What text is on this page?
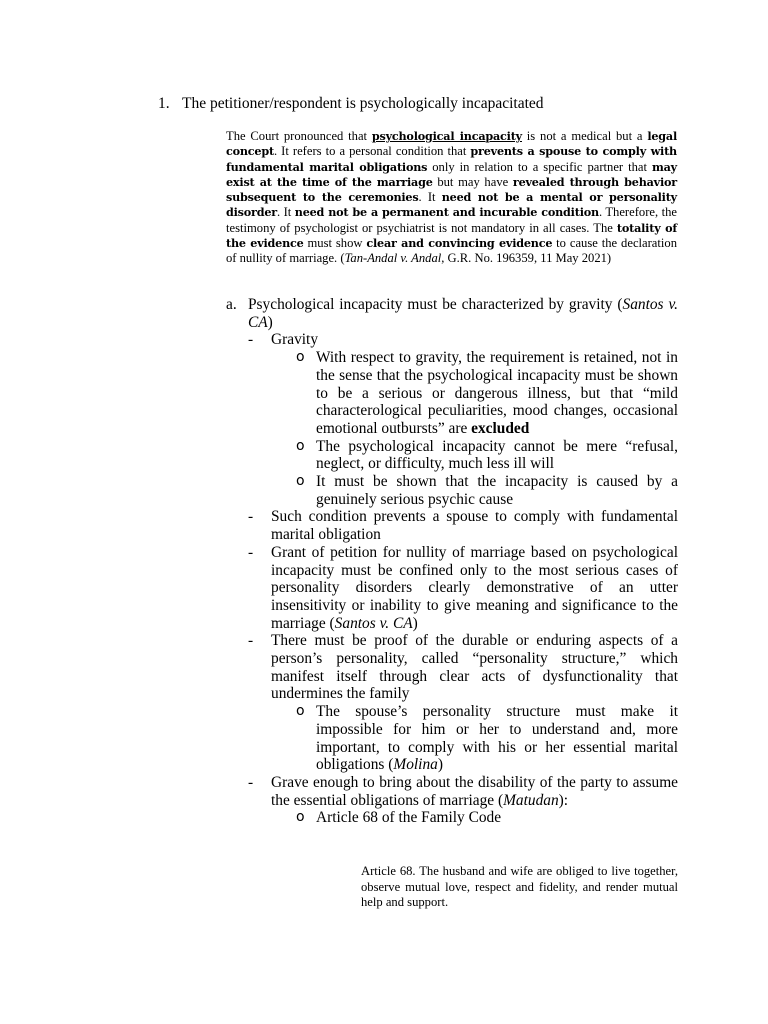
1. The petitioner/respondent is psychologically incapacitated
The Court pronounced that psychological incapacity is not a medical but a legal concept. It refers to a personal condition that prevents a spouse to comply with fundamental marital obligations only in relation to a specific partner that may exist at the time of the marriage but may have revealed through behavior subsequent to the ceremonies. It need not be a mental or personality disorder. It need not be a permanent and incurable condition. Therefore, the testimony of psychologist or psychiatrist is not mandatory in all cases. The totality of the evidence must show clear and convincing evidence to cause the declaration of nullity of marriage. (Tan-Andal v. Andal, G.R. No. 196359, 11 May 2021)
a. Psychological incapacity must be characterized by gravity (Santos v. CA)
- Gravity
o With respect to gravity, the requirement is retained, not in the sense that the psychological incapacity must be shown to be a serious or dangerous illness, but that “mild characterological peculiarities, mood changes, occasional emotional outbursts” are excluded
o The psychological incapacity cannot be mere “refusal, neglect, or difficulty, much less ill will
o It must be shown that the incapacity is caused by a genuinely serious psychic cause
- Such condition prevents a spouse to comply with fundamental marital obligation
- Grant of petition for nullity of marriage based on psychological incapacity must be confined only to the most serious cases of personality disorders clearly demonstrative of an utter insensitivity or inability to give meaning and significance to the marriage (Santos v. CA)
- There must be proof of the durable or enduring aspects of a person’s personality, called “personality structure,” which manifest itself through clear acts of dysfunctionality that undermines the family
o The spouse’s personality structure must make it impossible for him or her to understand and, more important, to comply with his or her essential marital obligations (Molina)
- Grave enough to bring about the disability of the party to assume the essential obligations of marriage (Matudan):
o Article 68 of the Family Code
Article 68. The husband and wife are obliged to live together, observe mutual love, respect and fidelity, and render mutual help and support.
